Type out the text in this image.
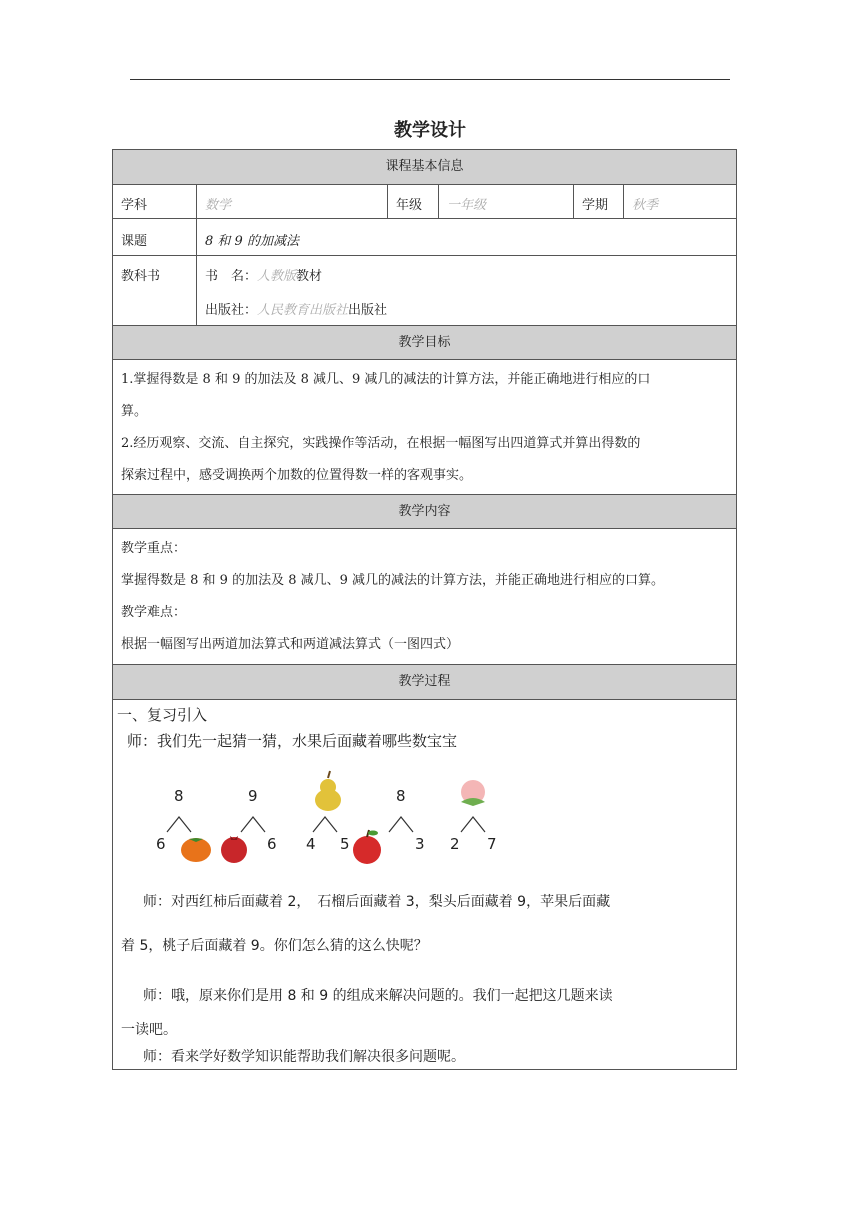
教学设计
课程基本信息
学科	数学	年级	一年级	学期	秋季
课题	8 和 9 的加减法
教科书	书　名：人教版教材
出版社：人民教育出版社出版社
教学目标
1.掌握得数是 8 和 9 的加法及 8 减几、9 减几的减法的计算方法，并能正确地进行相应的口
算。
2.经历观察、交流、自主探究，实践操作等活动，在根据一幅图写出四道算式并算出得数的
探索过程中，感受调换两个加数的位置得数一样的客观事实。
教学内容
教学重点：
掌握得数是 8 和 9 的加法及 8 减几、9 减几的减法的计算方法，并能正确地进行相应的口算。
教学难点：
根据一幅图写出两道加法算式和两道减法算式（一图四式）
教学过程
一、复习引入
师：我们先一起猜一猜，水果后面藏着哪些数宝宝
8
6
9
6 4 5
8
3 2 7
师：对西红柿后面藏着 2，　石榴后面藏着 3，梨头后面藏着 9，苹果后面藏
着 5，桃子后面藏着 9。你们怎么猜的这么快呢？
师：哦，原来你们是用 8 和 9 的组成来解决问题的。我们一起把这几题来读
一读吧。
师：看来学好数学知识能帮助我们解决很多问题呢。
